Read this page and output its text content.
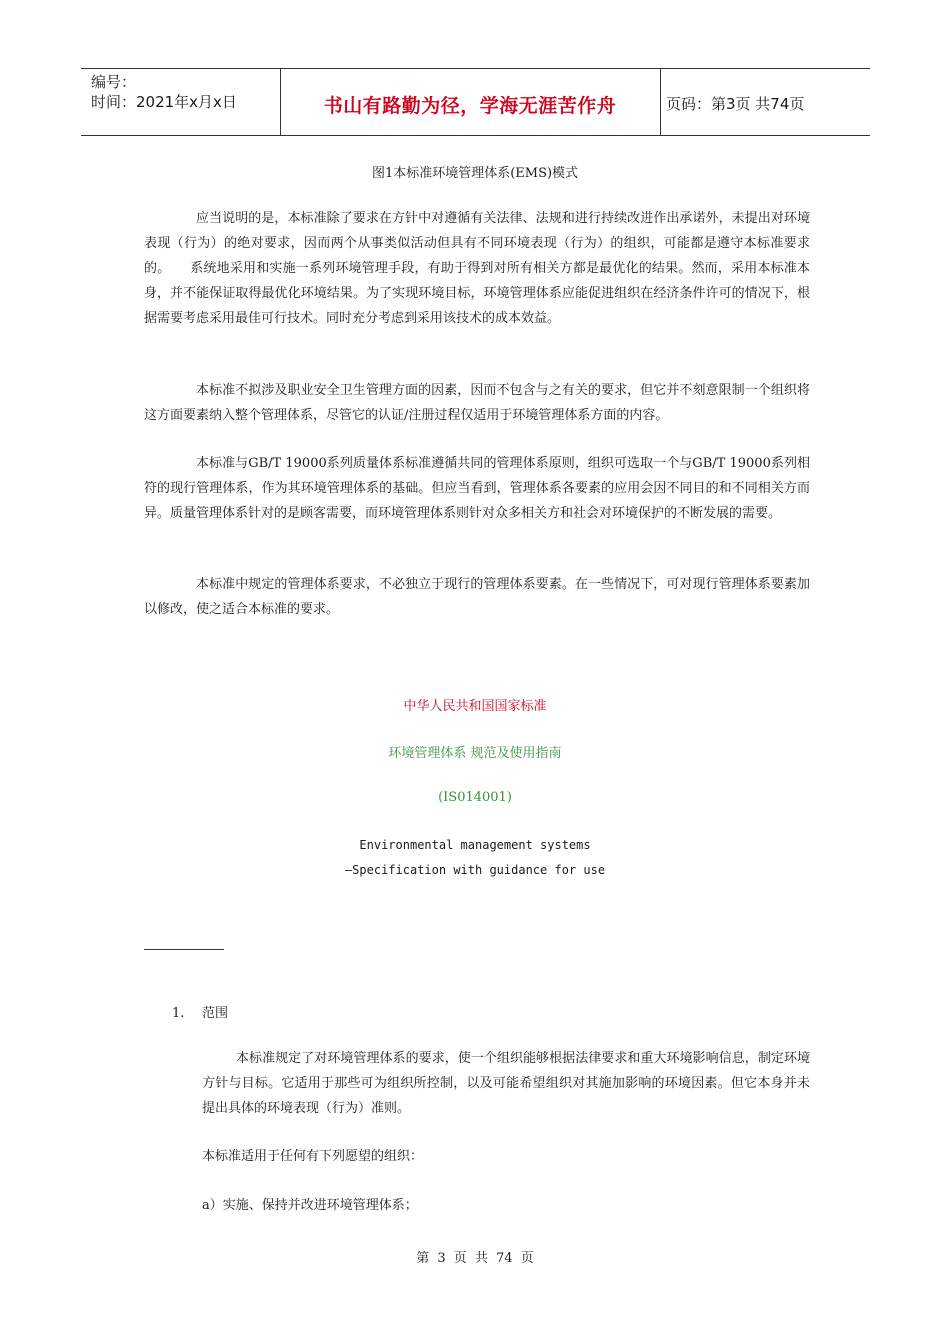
编号：
时间：2021年x月x日	书山有路勤为径，学海无涯苦作舟	页码：第3页 共74页
图1本标准环境管理体系(EMS)模式

应当说明的是，本标准除了要求在方针中对遵循有关法律、法规和进行持续改进作出承诺外，未提出对环境表现（行为）的绝对要求，因而两个从事类似活动但具有不同环境表现（行为）的组织，可能都是遵守本标准要求的。　　系统地采用和实施一系列环境管理手段，有助于得到对所有相关方都是最优化的结果。然而，采用本标准本身，并不能保证取得最优化环境结果。为了实现环境目标，环境管理体系应能促进组织在经济条件许可的情况下，根据需要考虑采用最佳可行技术。同时充分考虑到采用该技术的成本效益。

本标准不拟涉及职业安全卫生管理方面的因素，因而不包含与之有关的要求，但它并不刻意限制一个组织将这方面要素纳入整个管理体系，尽管它的认证/注册过程仅适用于环境管理体系方面的内容。

本标准与GB/T 19000系列质量体系标准遵循共同的管理体系原则，组织可选取一个与GB/T 19000系列相符的现行管理体系，作为其环境管理体系的基础。但应当看到，管理体系各要素的应用会因不同目的和不同相关方而异。质量管理体系针对的是顾客需要，而环境管理体系则针对众多相关方和社会对环境保护的不断发展的需要。

本标准中规定的管理体系要求，不必独立于现行的管理体系要素。在一些情况下，可对现行管理体系要素加以修改，使之适合本标准的要求。

中华人民共和国国家标准
环境管理体系 规范及使用指南
(IS014001)
Environmental management systems
—Specification with guidance for use
1. 范围

本标准规定了对环境管理体系的要求，使一个组织能够根据法律要求和重大环境影响信息，制定环境方针与目标。它适用于那些可为组织所控制，以及可能希望组织对其施加影响的环境因素。但它本身并未提出具体的环境表现（行为）准则。

本标准适用于任何有下列愿望的组织：

a）实施、保持并改进环境管理体系；

第 3 页 共 74 页
